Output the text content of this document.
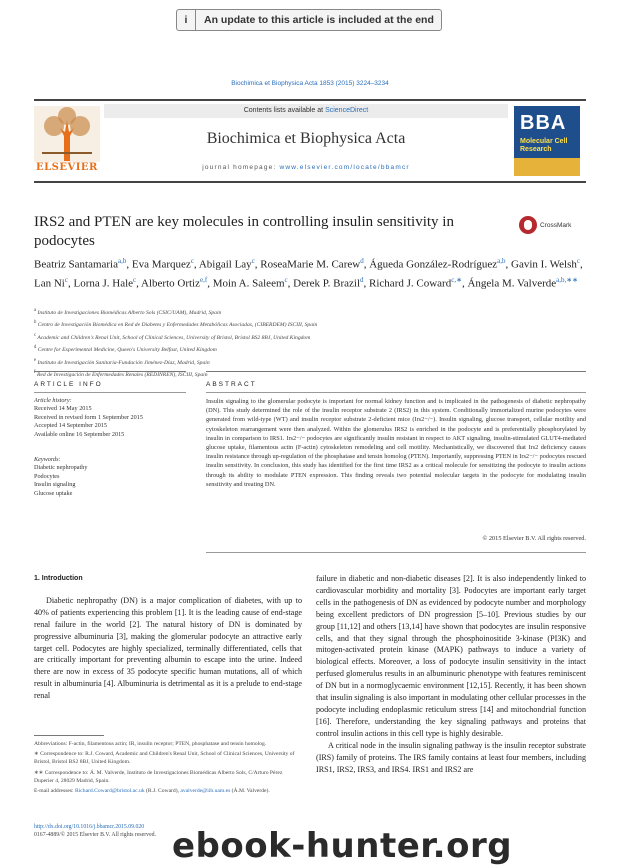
i	An update to this article is included at the end
Biochimica et Biophysica Acta 1853 (2015) 3224–3234
ELSEVIER
Contents lists available at ScienceDirect
Biochimica et Biophysica Acta
journal homepage: www.elsevier.com/locate/bbamcr
BBA
Molecular Cell
Research
IRS2 and PTEN are key molecules in controlling insulin sensitivity in podocytes
CrossMark
Beatriz Santamaria$^{a,b}$, Eva Marquez$^c$, Abigail Lay$^c$, RoseaMarie M. Carew$^d$, Águeda González-Rodríguez$^{a,b}$, Gavin I. Welsh$^c$, Lan Ni$^c$, Lorna J. Hale$^c$, Alberto Ortiz$^{e,f}$, Moin A. Saleem$^c$, Derek P. Brazil$^d$, Richard J. Coward$^{c,∗}$, Ángela M. Valverde$^{a,b,∗∗}$
$^a$ Instituto de Investigaciones Biomédicas Alberto Sols (CSIC/UAM), Madrid, Spain
$^b$ Centro de Investigación Biomédica en Red de Diabetes y Enfermedades Metabólicas Asociadas, (CIBERDEM) ISCIII, Spain
$^c$ Academic and Children's Renal Unit, School of Clinical Sciences, University of Bristol, Bristol BS2 8BJ, United Kingdom
$^d$ Centre for Experimental Medicine, Queen's University Belfast, United Kingdom
$^e$ Instituto de Investigación Sanitaria-Fundación Jiménez-Díaz, Madrid, Spain
$^f$ Red de Investigación de Enfermedades Renales (REDINREN), ISCIII, Spain
ARTICLE INFO	ABSTRACT
Article history:
Received 14 May 2015
Received in revised form 1 September 2015
Accepted 14 September 2015
Available online 16 September 2015
Keywords:
Diabetic nephropathy
Podocytes
Insulin signaling
Glucose uptake
Insulin signaling to the glomerular podocyte is important for normal kidney function and is implicated in the pathogenesis of diabetic nephropathy (DN). This study determined the role of the insulin receptor substrate 2 (IRS2) in this system. Conditionally immortalized murine podocytes were generated from wild-type (WT) and insulin receptor substrate 2-deficient mice (Irs2−/−). Insulin signaling, glucose transport, cellular motility and cytoskeleton rearrangement were then analyzed. Within the glomerulus IRS2 is enriched in the podocyte and is preferentially phosphorylated by insulin in comparison to IRS1. Irs2−/− podocytes are significantly insulin resistant in respect to AKT signaling, insulin-stimulated GLUT4-mediated glucose uptake, filamentous actin (F-actin) cytoskeleton remodeling and cell motility. Mechanistically, we discovered that Irs2 deficiency causes insulin resistance through up-regulation of the phosphatase and tensin homolog (PTEN). Importantly, suppressing PTEN in Irs2−/− podocytes rescued insulin sensitivity. In conclusion, this study has identified for the first time IRS2 as a critical molecule for sensitizing the podocyte to insulin actions through its ability to modulate PTEN expression. This finding reveals two potential molecular targets in the podocyte for modulating insulin sensitivity and treating DN.
© 2015 Elsevier B.V. All rights reserved.
1. Introduction

Diabetic nephropathy (DN) is a major complication of diabetes, with up to 40% of patients experiencing this problem [1]. It is the leading cause of end-stage renal failure in the world [2]. The natural history of DN is dominated by progressive albuminuria [3], making the glomerular podocyte an attractive early target cell. Podocytes are highly specialized, terminally differentiated, cells that are critically important for preventing albumin to escape into the urine. Indeed there are now in excess of 35 podocyte specific human mutations, all of which result in albuminuria [4]. Albuminuria is detrimental as it is a prelude to end-stage renal

failure in diabetic and non-diabetic diseases [2]. It is also independently linked to cardiovascular morbidity and mortality [3]. Podocytes are important early target cells in the pathogenesis of DN as evidenced by podocyte number and morphology being excellent predictors of DN progression [5–10]. Previous studies by our group [11,12] and others [13,14] have shown that podocytes are insulin responsive cells, and that they signal through the phosphoinositide 3-kinase (PI3K) and mitogen-activated protein kinase (MAPK) pathways to induce a variety of biological effects. Moreover, a loss of podocyte insulin sensitivity in the intact perfused glomerulus results in an albuminuric phenotype with features reminiscent of DN but in a normoglycaemic environment [12,15]. Recently, it has been shown that insulin signaling is also important in modulating other cellular processes in the podocyte including endoplasmic reticulum stress [14] and mitochondrial function [16]. Therefore, understanding the key signaling pathways and proteins that control insulin actions in this cell type is highly desirable.

A critical node in the insulin signaling pathway is the insulin receptor substrate (IRS) family of proteins. The IRS family contains at least four members, including IRS1, IRS2, IRS3, and IRS4. IRS1 and IRS2 are

Abbreviations: F-actin, filamentous actin; IR, insulin receptor; PTEN, phosphatase and tensin homolog.

∗ Correspondence to: R.J. Coward, Academic and Children's Renal Unit, School of Clinical Sciences, University of Bristol, Bristol BS2 8BJ, United Kingdom.

∗∗ Correspondence to: Á. M. Valverde, Instituto de Investigaciones Biomédicas Alberto Sols, C/Arturo Pérez Duperier 4, 28029 Madrid, Spain.

E-mail addresses: Richard.Coward@bristol.ac.uk (R.J. Coward), avalverde@iib.uam.es (Á.M. Valverde).

http://dx.doi.org/10.1016/j.bbamcr.2015.09.020
0167-4889/© 2015 Elsevier B.V. All rights reserved. ebook-hunter.org
